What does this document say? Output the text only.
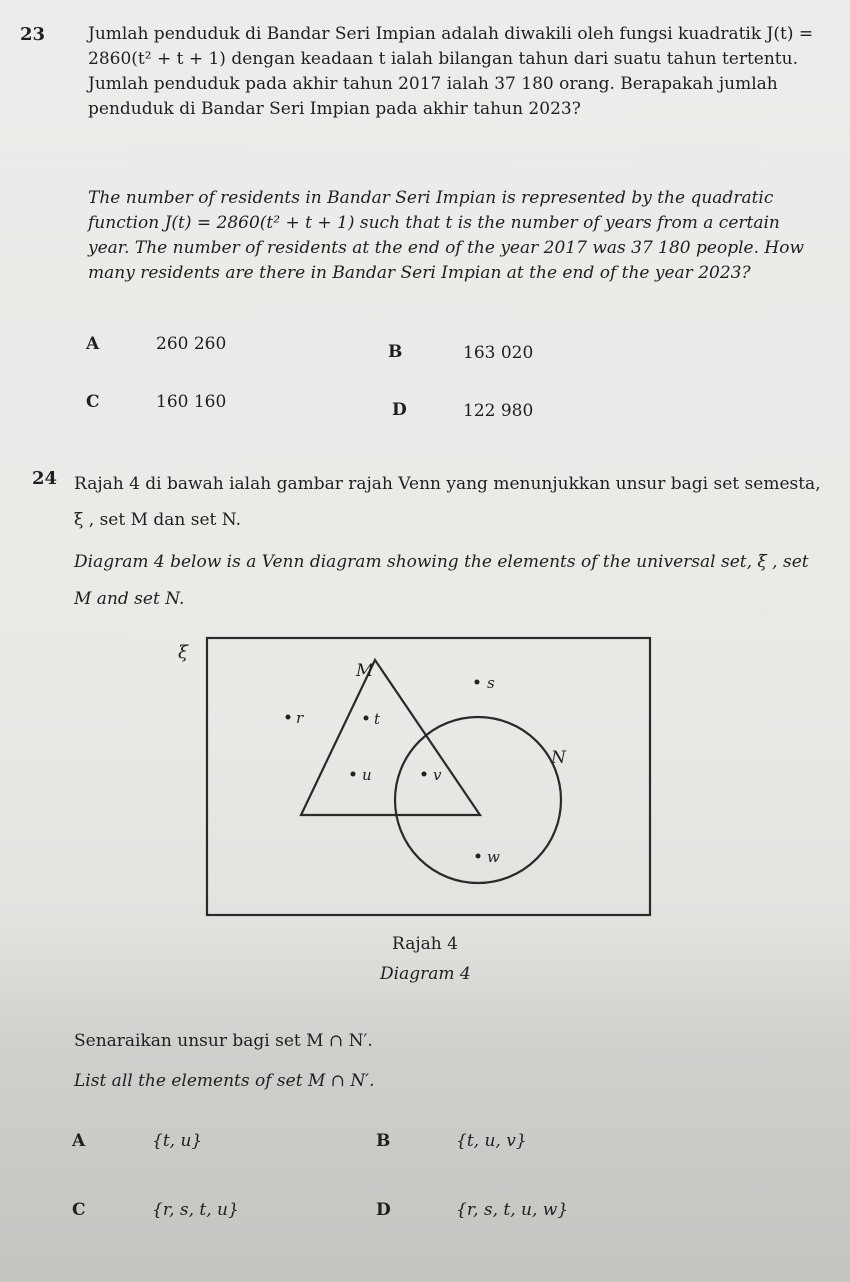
23	Jumlah penduduk di Bandar Seri Impian adalah diwakili oleh fungsi kuadratik J(t) = 2860(t² + t + 1) dengan keadaan t ialah bilangan tahun dari suatu tahun tertentu. Jumlah penduduk pada akhir tahun 2017 ialah 37 180 orang. Berapakah jumlah penduduk di Bandar Seri Impian pada akhir tahun 2023?

The number of residents in Bandar Seri Impian is represented by the quadratic function J(t) = 2860(t² + t + 1) such that t is the number of years from a certain year. The number of residents at the end of the year 2017 was 37 180 people. How many residents are there in Bandar Seri Impian at the end of the year 2023?

A	260 260	B	163 020
C	160 160	D	122 980
24 Rajah 4 di bawah ialah gambar rajah Venn yang menunjukkan unsur bagi set semesta, ξ , set M dan set N.

Diagram 4 below is a Venn diagram showing the elements of the universal set, ξ , set M and set N.

ξ
M
N
s
r	t
u	v
w
Rajah 4
Diagram 4
Senaraikan unsur bagi set M ∩ N′.
List all the elements of set M ∩ N′.
A	{t, u}	B	{t, u, v}
C	{r, s, t, u}	D	{r, s, t, u, w}
